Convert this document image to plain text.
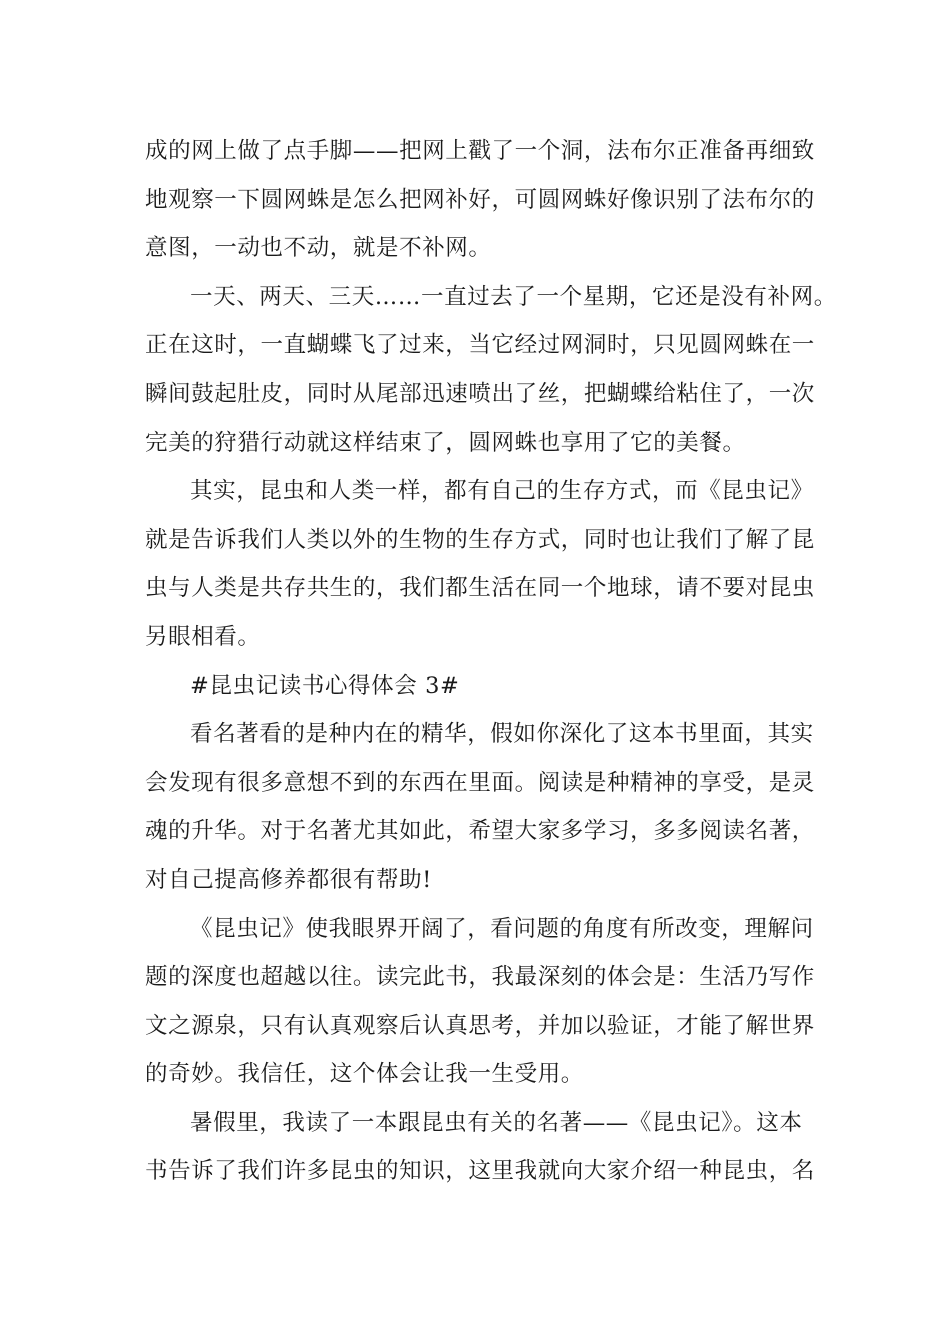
成的网上做了点手脚——把网上戳了一个洞，法布尔正准备再细致
地观察一下圆网蛛是怎么把网补好，可圆网蛛好像识别了法布尔的
意图，一动也不动，就是不补网。
一天、两天、三天……一直过去了一个星期，它还是没有补网。
正在这时，一直蝴蝶飞了过来，当它经过网洞时，只见圆网蛛在一
瞬间鼓起肚皮，同时从尾部迅速喷出了丝，把蝴蝶给粘住了，一次
完美的狩猎行动就这样结束了，圆网蛛也享用了它的美餐。
其实，昆虫和人类一样，都有自己的生存方式，而《昆虫记》
就是告诉我们人类以外的生物的生存方式，同时也让我们了解了昆
虫与人类是共存共生的，我们都生活在同一个地球，请不要对昆虫
另眼相看。
#昆虫记读书心得体会 3#
看名著看的是种内在的精华，假如你深化了这本书里面，其实
会发现有很多意想不到的东西在里面。阅读是种精神的享受，是灵
魂的升华。对于名著尤其如此，希望大家多学习，多多阅读名著，
对自己提高修养都很有帮助!
《昆虫记》使我眼界开阔了，看问题的角度有所改变，理解问
题的深度也超越以往。读完此书，我最深刻的体会是：生活乃写作
文之源泉，只有认真观察后认真思考，并加以验证，才能了解世界
的奇妙。我信任，这个体会让我一生受用。
暑假里，我读了一本跟昆虫有关的名著——《昆虫记》。这本
书告诉了我们许多昆虫的知识，这里我就向大家介绍一种昆虫，名
